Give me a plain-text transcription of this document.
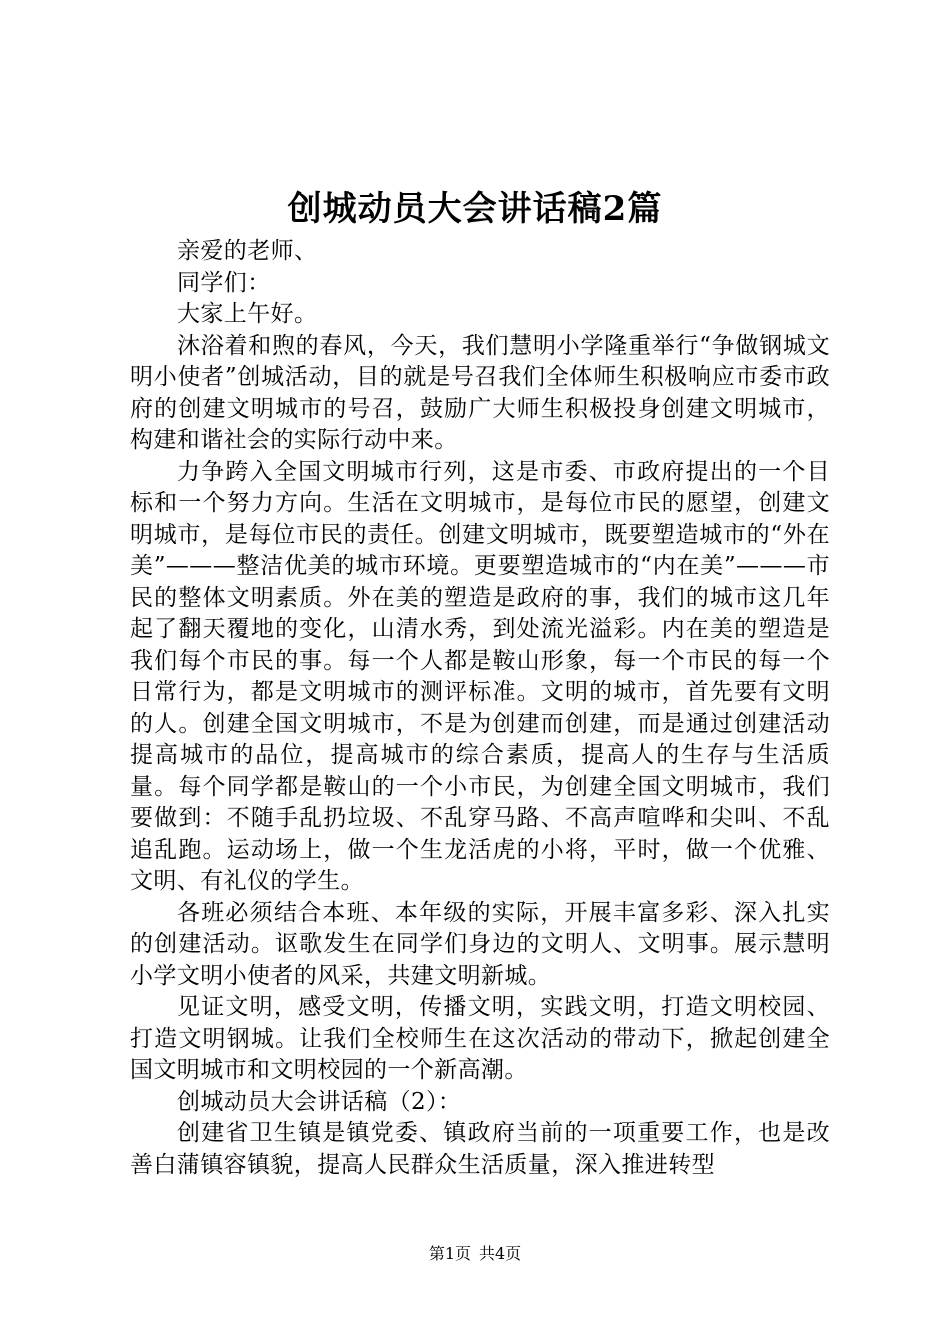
创城动员大会讲话稿2篇

亲爱的老师、

同学们：

大家上午好。

沐浴着和煦的春风，今天，我们慧明小学隆重举行“争做钢城文明小使者”创城活动，目的就是号召我们全体师生积极响应市委市政府的创建文明城市的号召，鼓励广大师生积极投身创建文明城市，构建和谐社会的实际行动中来。

力争跨入全国文明城市行列，这是市委、市政府提出的一个目标和一个努力方向。生活在文明城市，是每位市民的愿望，创建文明城市，是每位市民的责任。创建文明城市，既要塑造城市的“外在美”———整洁优美的城市环境。更要塑造城市的“内在美”———市民的整体文明素质。外在美的塑造是政府的事，我们的城市这几年起了翻天覆地的变化，山清水秀，到处流光溢彩。内在美的塑造是我们每个市民的事。每一个人都是鞍山形象，每一个市民的每一个日常行为，都是文明城市的测评标准。文明的城市，首先要有文明的人。创建全国文明城市，不是为创建而创建，而是通过创建活动提高城市的品位，提高城市的综合素质，提高人的生存与生活质量。每个同学都是鞍山的一个小市民，为创建全国文明城市，我们要做到：不随手乱扔垃圾、不乱穿马路、不高声喧哗和尖叫、不乱追乱跑。运动场上，做一个生龙活虎的小将，平时，做一个优雅、文明、有礼仪的学生。

各班必须结合本班、本年级的实际，开展丰富多彩、深入扎实的创建活动。讴歌发生在同学们身边的文明人、文明事。展示慧明小学文明小使者的风采，共建文明新城。

见证文明，感受文明，传播文明，实践文明，打造文明校园、打造文明钢城。让我们全校师生在这次活动的带动下，掀起创建全国文明城市和文明校园的一个新高潮。

创城动员大会讲话稿（2）：

创建省卫生镇是镇党委、镇政府当前的一项重要工作，也是改善白蒲镇容镇貌，提高人民群众生活质量，深入推进转型

第1页 共4页
